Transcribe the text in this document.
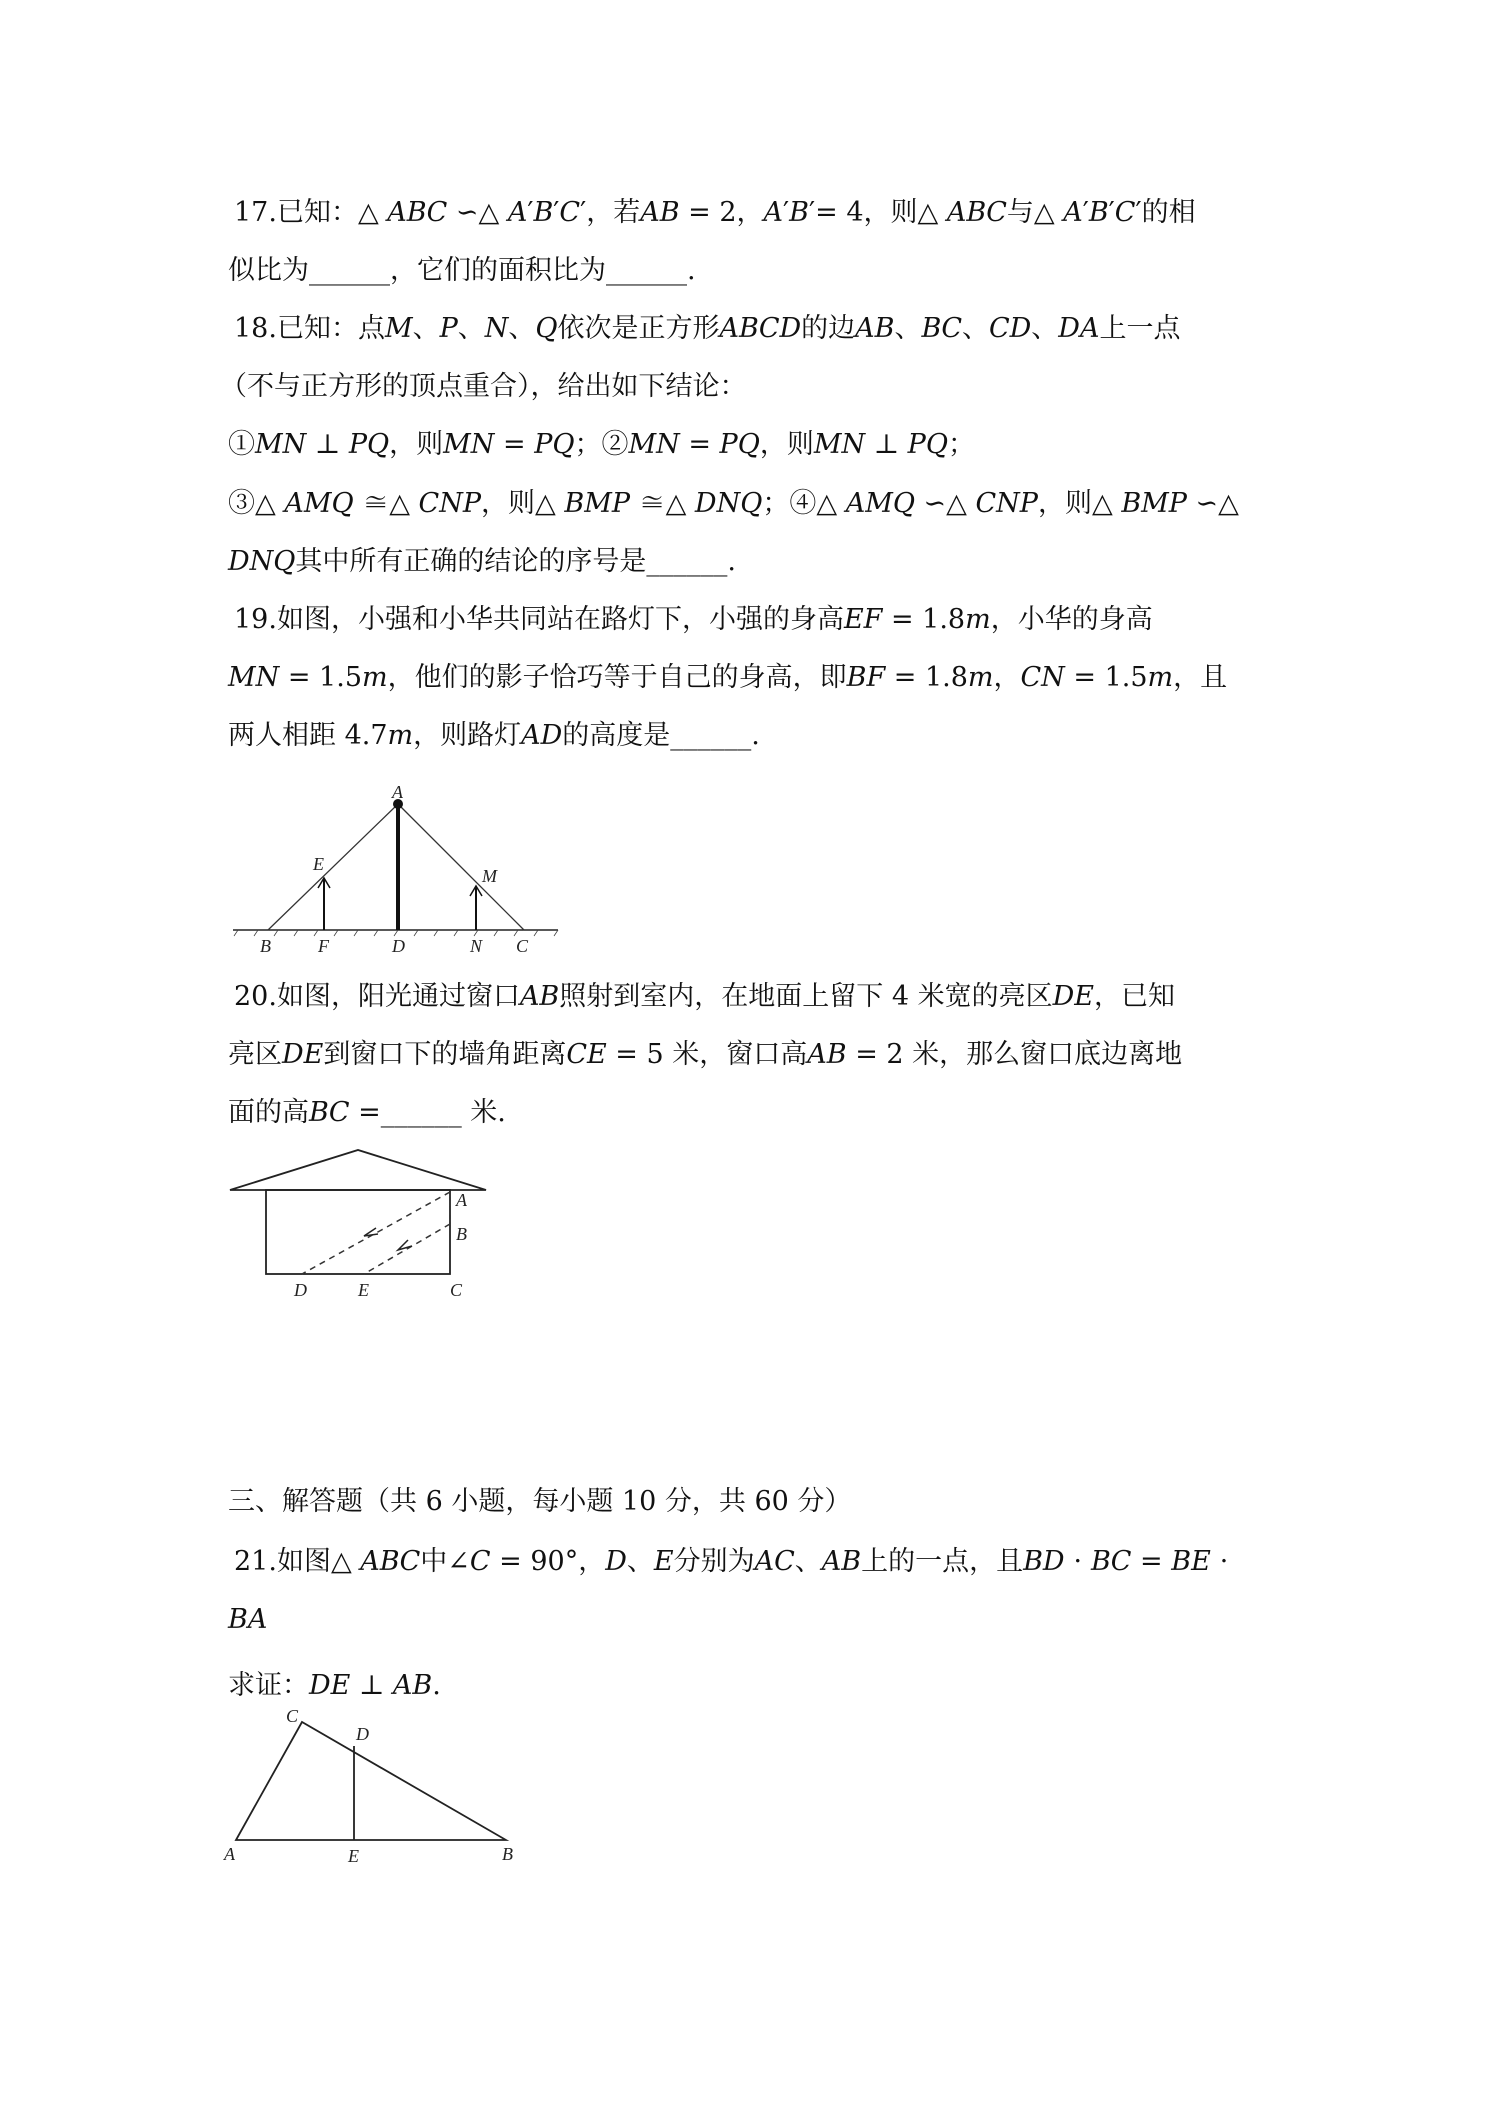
17.已知：△ 𝐴𝐵𝐶 ∽△ 𝐴′𝐵′𝐶′，若𝐴𝐵 = 2，𝐴′𝐵′= 4，则△ 𝐴𝐵𝐶与△ 𝐴′𝐵′𝐶′的相
似比为______，它们的面积比为______.
18.已知：点𝑀、𝑃、𝑁、𝑄依次是正方形𝐴𝐵𝐶𝐷的边𝐴𝐵、𝐵𝐶、𝐶𝐷、𝐷𝐴上一点
（不与正方形的顶点重合），给出如下结论：
①𝑀𝑁 ⊥ 𝑃𝑄，则𝑀𝑁 = 𝑃𝑄；②𝑀𝑁 = 𝑃𝑄，则𝑀𝑁 ⊥ 𝑃𝑄；
③△ 𝐴𝑀𝑄 ≅△ 𝐶𝑁𝑃，则△ 𝐵𝑀𝑃 ≅△ 𝐷𝑁𝑄；④△ 𝐴𝑀𝑄 ∽△ 𝐶𝑁𝑃，则△ 𝐵𝑀𝑃 ∽△
𝐷𝑁𝑄其中所有正确的结论的序号是______.
19.如图，小强和小华共同站在路灯下，小强的身高𝐸𝐹 = 1.8𝑚，小华的身高
𝑀𝑁 = 1.5𝑚，他们的影子恰巧等于自己的身高，即𝐵𝐹 = 1.8𝑚，𝐶𝑁 = 1.5𝑚，且
两人相距 4.7𝑚，则路灯𝐴𝐷的高度是______.
A
E
M
B	F	D	N C
20.如图，阳光通过窗口𝐴𝐵照射到室内，在地面上留下 4 米宽的亮区𝐷𝐸，已知
亮区𝐷𝐸到窗口下的墙角距离𝐶𝐸 = 5 米，窗口高𝐴𝐵 = 2 米，那么窗口底边离地
面的高𝐵𝐶 =______ 米.
A
B
C
D	E
三、解答题（共 6 小题，每小题 10 分，共 60 分）
21.如图△ 𝐴𝐵𝐶中∠𝐶 = 90°，𝐷、𝐸分别为𝐴𝐶、𝐴𝐵上的一点，且𝐵𝐷 ⋅ 𝐵𝐶 = 𝐵𝐸 ⋅
𝐵𝐴
求证：𝐷𝐸 ⊥ 𝐴𝐵.
C
D
A	E	B
